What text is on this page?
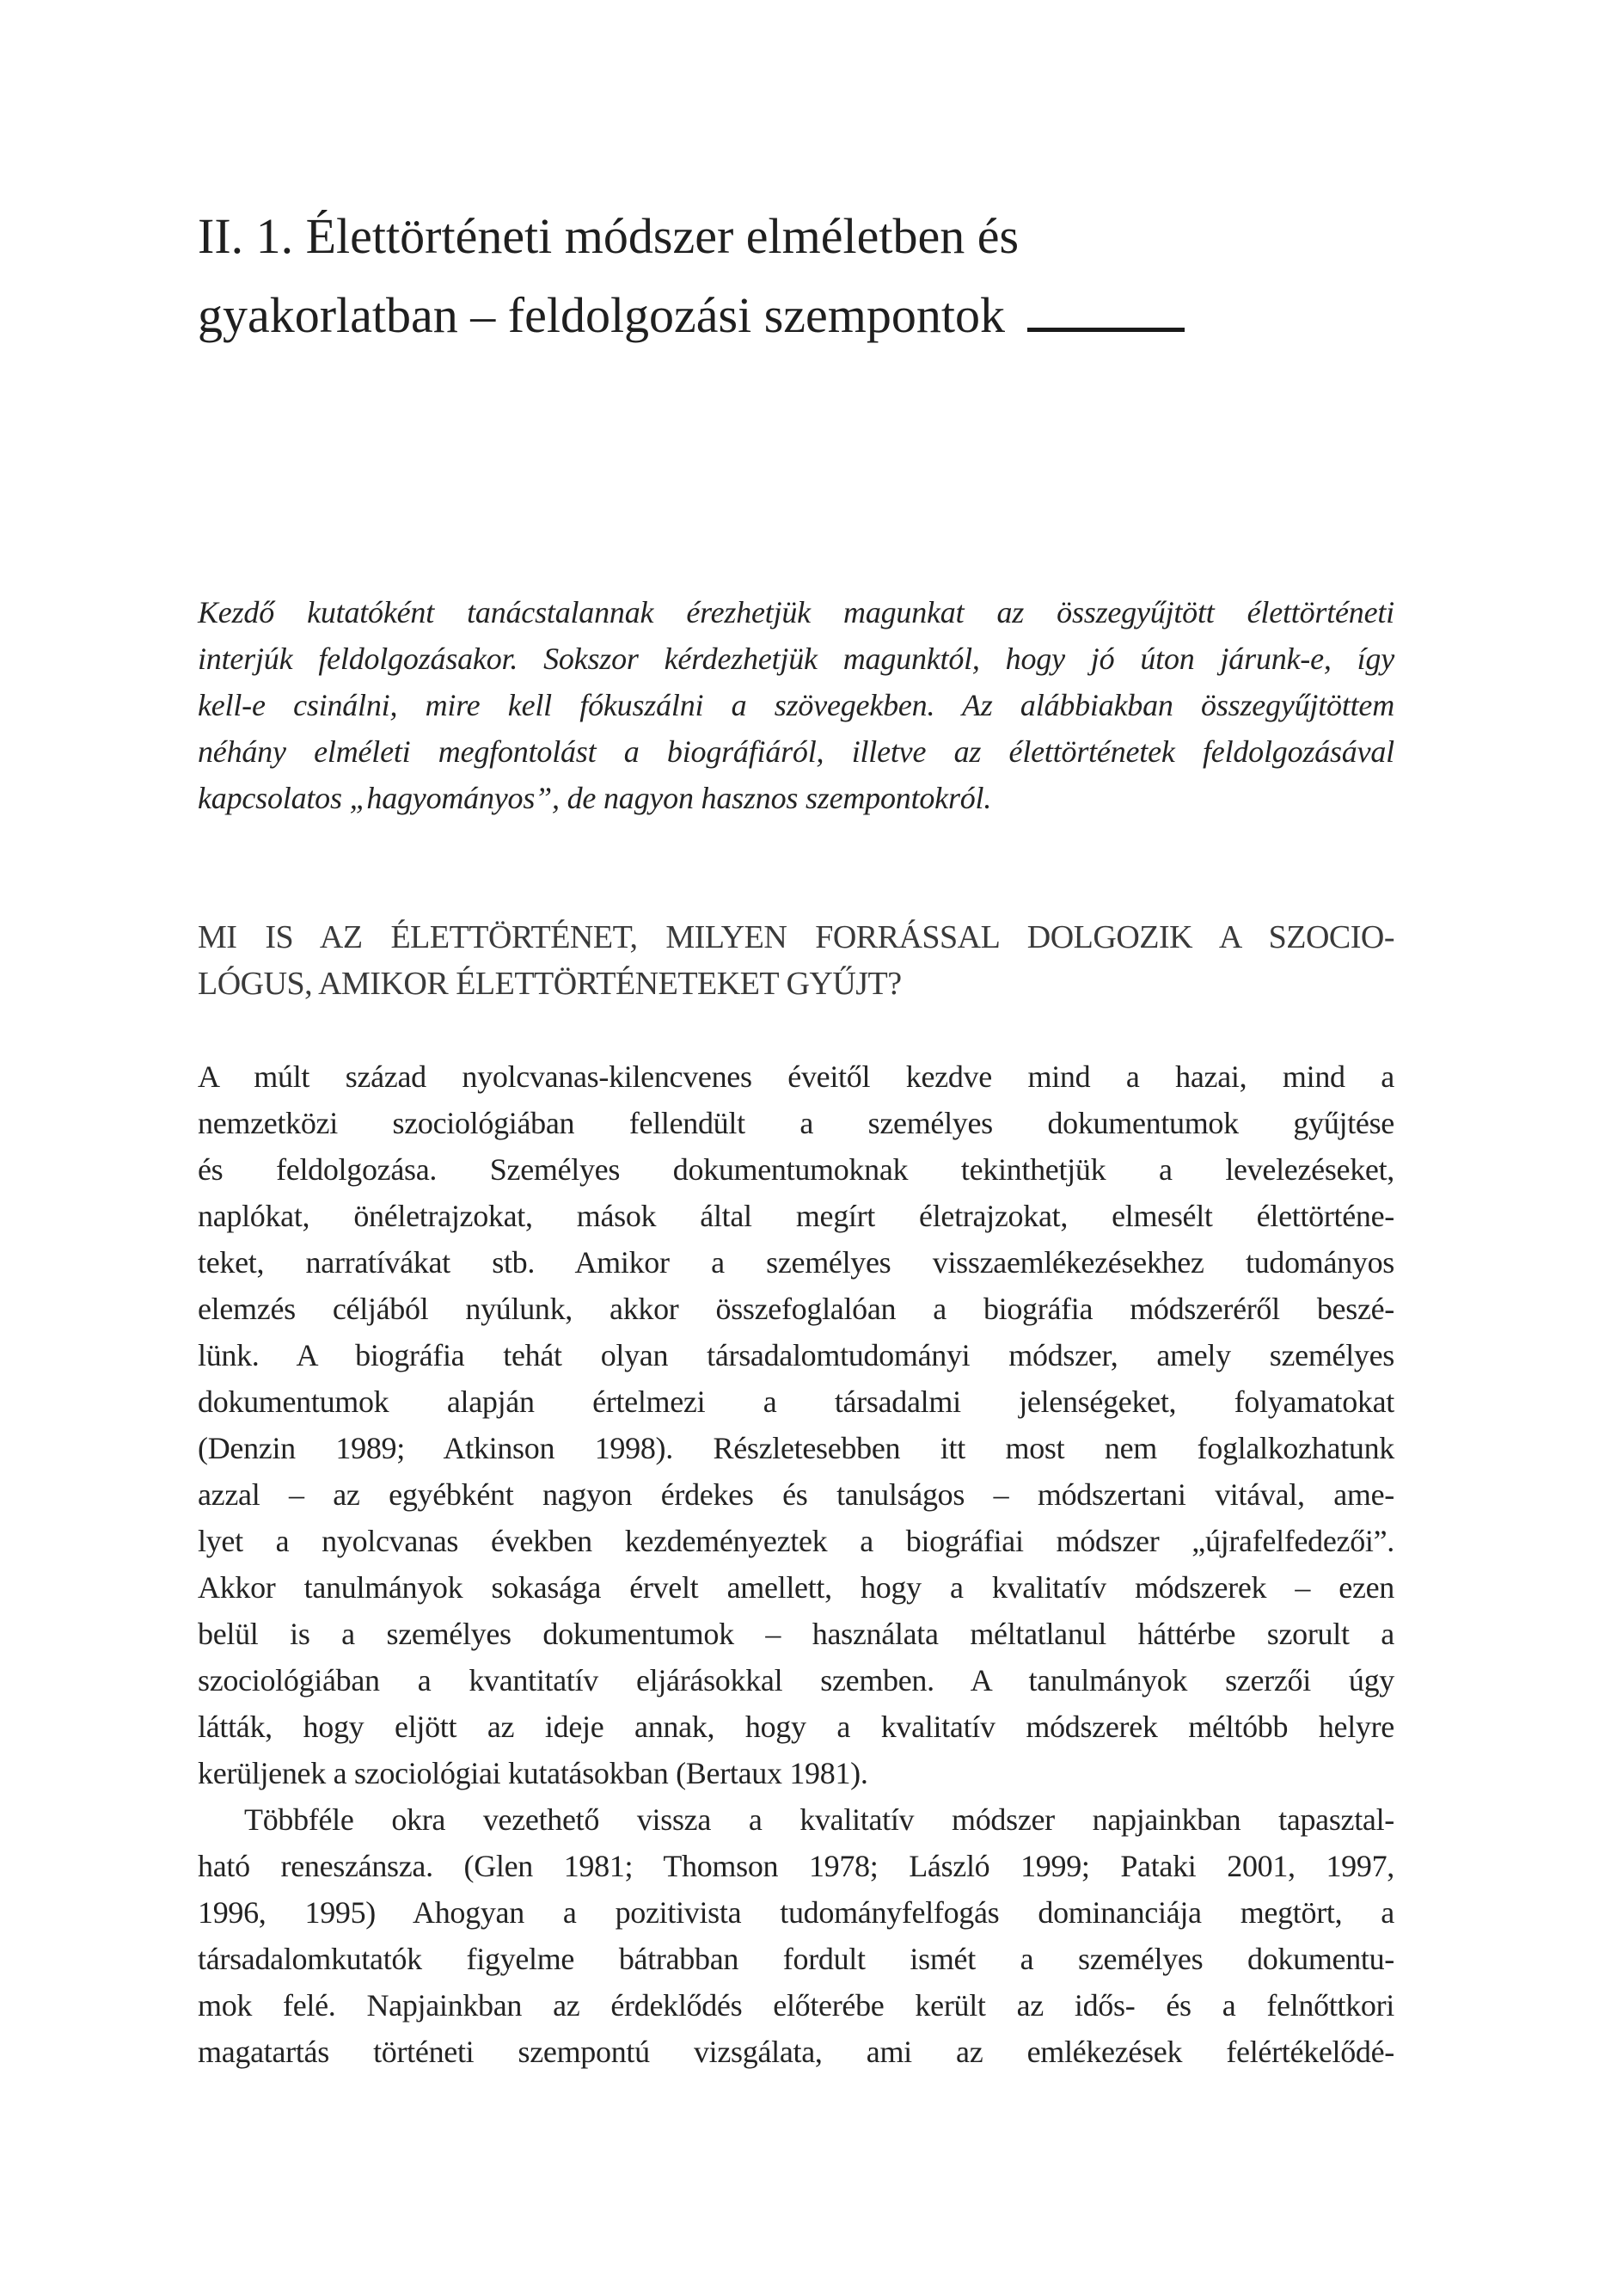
II. 1. Élettörténeti módszer elméletben és
gyakorlatban – feldolgozási szempontok
Kezdő kutatóként tanácstalannak érezhetjük magunkat az összegyűjtött élettörténeti
interjúk feldolgozásakor. Sokszor kérdezhetjük magunktól, hogy jó úton járunk-e, így
kell-e csinálni, mire kell fókuszálni a szövegekben. Az alábbiakban összegyűjtöttem
néhány elméleti megfontolást a biográfiáról, illetve az élettörténetek feldolgozásával
kapcsolatos „hagyományos”, de nagyon hasznos szempontokról.
MI IS AZ ÉLETTÖRTÉNET, MILYEN FORRÁSSAL DOLGOZIK A SZOCIO-
LÓGUS, AMIKOR ÉLETTÖRTÉNETEKET GYŰJT?
A múlt század nyolcvanas-kilencvenes éveitől kezdve mind a hazai, mind a
nemzetközi szociológiában fellendült a személyes dokumentumok gyűjtése
és feldolgozása. Személyes dokumentumoknak tekinthetjük a levelezéseket,
naplókat, önéletrajzokat, mások által megírt életrajzokat, elmesélt élettörténe-
teket, narratívákat stb. Amikor a személyes visszaemlékezésekhez tudományos
elemzés céljából nyúlunk, akkor összefoglalóan a biográfia módszeréről beszé-
lünk. A biográfia tehát olyan társadalomtudományi módszer, amely személyes
dokumentumok alapján értelmezi a társadalmi jelenségeket, folyamatokat
(Denzin 1989; Atkinson 1998). Részletesebben itt most nem foglalkozhatunk
azzal – az egyébként nagyon érdekes és tanulságos – módszertani vitával, ame-
lyet a nyolcvanas években kezdeményeztek a biográfiai módszer „újrafelfedezői”.
Akkor tanulmányok sokasága érvelt amellett, hogy a kvalitatív módszerek – ezen
belül is a személyes dokumentumok – használata méltatlanul háttérbe szorult a
szociológiában a kvantitatív eljárásokkal szemben. A tanulmányok szerzői úgy
látták, hogy eljött az ideje annak, hogy a kvalitatív módszerek méltóbb helyre
kerüljenek a szociológiai kutatásokban (Bertaux 1981).
Többféle okra vezethető vissza a kvalitatív módszer napjainkban tapasztal-
ható reneszánsza. (Glen 1981; Thomson 1978; László 1999; Pataki 2001, 1997,
1996, 1995) Ahogyan a pozitivista tudományfelfogás dominanciája megtört, a
társadalomkutatók figyelme bátrabban fordult ismét a személyes dokumentu-
mok felé. Napjainkban az érdeklődés előterébe került az idős- és a felnőttkori
magatartás történeti szempontú vizsgálata, ami az emlékezések felértékelődé-
